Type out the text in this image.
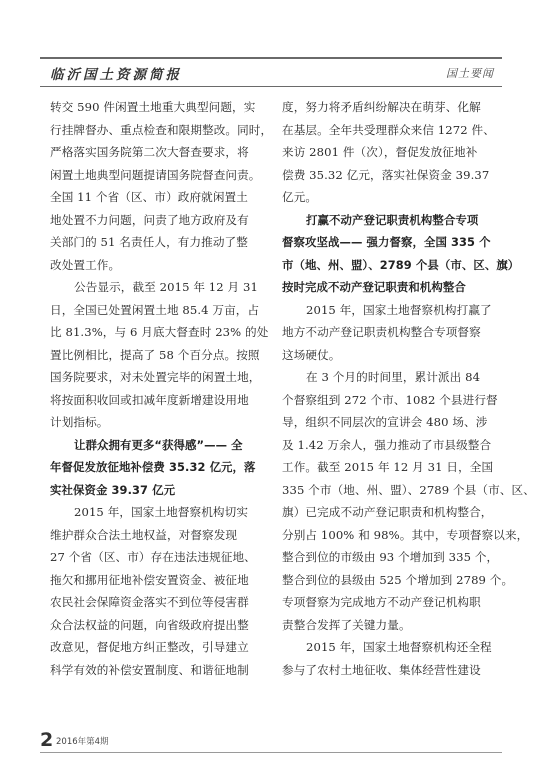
临沂国土资源简报	国土要闻
转交 590 件闲置土地重大典型问题，实
行挂牌督办、重点检查和限期整改。同时，
严格落实国务院第二次大督查要求，将
闲置土地典型问题提请国务院督查问责。
全国 11 个省（区、市）政府就闲置土
地处置不力问题，问责了地方政府及有
关部门的 51 名责任人，有力推动了整
改处置工作。
公告显示，截至 2015 年 12 月 31
日，全国已处置闲置土地 85.4 万亩，占
比 81.3%，与 6 月底大督查时 23% 的处
置比例相比，提高了 58 个百分点。按照
国务院要求，对未处置完毕的闲置土地，
将按面积收回或扣减年度新增建设用地
计划指标。
让群众拥有更多“获得感”—— 全
年督促发放征地补偿费 35.32 亿元，落
实社保资金 39.37 亿元
2015 年，国家土地督察机构切实
维护群众合法土地权益，对督察发现
27 个省（区、市）存在违法违规征地、
拖欠和挪用征地补偿安置资金、被征地
农民社会保障资金落实不到位等侵害群
众合法权益的问题，向省级政府提出整
改意见，督促地方纠正整改，引导建立
科学有效的补偿安置制度、和谐征地制
度，努力将矛盾纠纷解决在萌芽、化解
在基层。全年共受理群众来信 1272 件、
来访 2801 件（次），督促发放征地补
偿费 35.32 亿元，落实社保资金 39.37
亿元。
打赢不动产登记职责机构整合专项
督察攻坚战—— 强力督察，全国 335 个
市（地、州、盟）、2789 个县（市、区、旗）
按时完成不动产登记职责和机构整合
2015 年，国家土地督察机构打赢了
地方不动产登记职责机构整合专项督察
这场硬仗。
在 3 个月的时间里，累计派出 84
个督察组到 272 个市、1082 个县进行督
导，组织不同层次的宣讲会 480 场、涉
及 1.42 万余人，强力推动了市县级整合
工作。截至 2015 年 12 月 31 日，全国
335 个市（地、州、盟）、2789 个县（市、区、
旗）已完成不动产登记职责和机构整合，
分别占 100% 和 98%。其中，专项督察以来，
整合到位的市级由 93 个增加到 335 个，
整合到位的县级由 525 个增加到 2789 个。
专项督察为完成地方不动产登记机构职
责整合发挥了关键力量。
2015 年，国家土地督察机构还全程
参与了农村土地征收、集体经营性建设
2 2016年第4期
